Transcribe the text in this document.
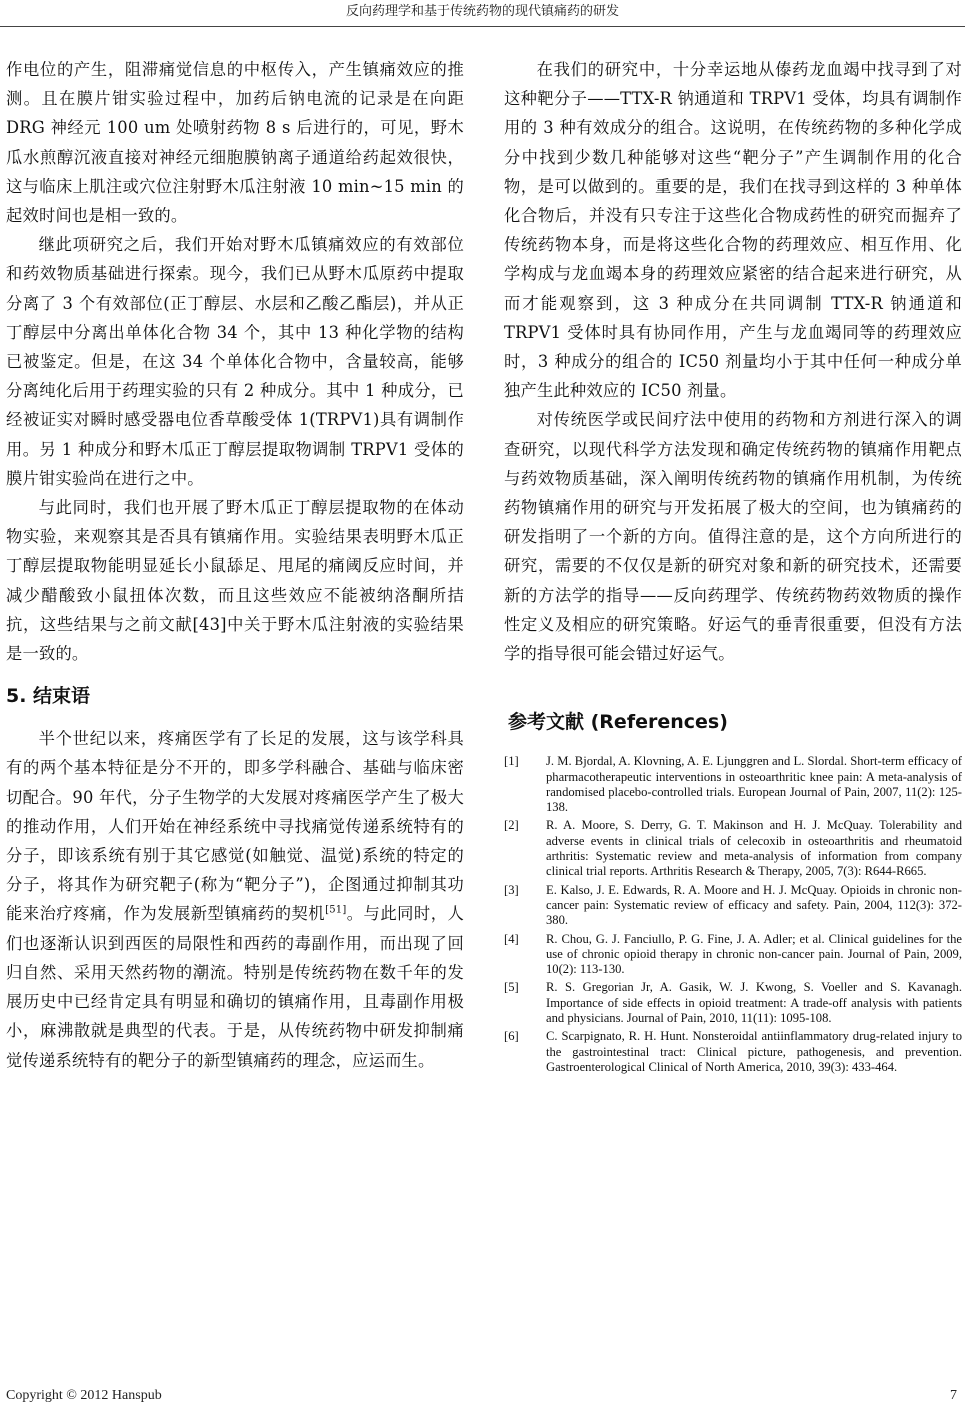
反向药理学和基于传统药物的现代镇痛药的研发

作电位的产生，阻滞痛觉信息的中枢传入，产生镇痛效应的推测。且在膜片钳实验过程中，加药后钠电流的记录是在向距 DRG 神经元 100 um 处喷射药物 8 s 后进行的，可见，野木瓜水煎醇沉液直接对神经元细胞膜钠离子通道给药起效很快，这与临床上肌注或穴位注射野木瓜注射液 10 min~15 min 的起效时间也是相一致的。

继此项研究之后，我们开始对野木瓜镇痛效应的有效部位和药效物质基础进行探索。现今，我们已从野木瓜原药中提取分离了 3 个有效部位(正丁醇层、水层和乙酸乙酯层)，并从正丁醇层中分离出单体化合物 34 个，其中 13 种化学物的结构已被鉴定。但是，在这 34 个单体化合物中，含量较高，能够分离纯化后用于药理实验的只有 2 种成分。其中 1 种成分，已经被证实对瞬时感受器电位香草酸受体 1(TRPV1)具有调制作用。另 1 种成分和野木瓜正丁醇层提取物调制 TRPV1 受体的膜片钳实验尚在进行之中。

与此同时，我们也开展了野木瓜正丁醇层提取物的在体动物实验，来观察其是否具有镇痛作用。实验结果表明野木瓜正丁醇层提取物能明显延长小鼠舔足、甩尾的痛阈反应时间，并减少醋酸致小鼠扭体次数，而且这些效应不能被纳洛酮所拮抗，这些结果与之前文献[43]中关于野木瓜注射液的实验结果是一致的。

5. 结束语

半个世纪以来，疼痛医学有了长足的发展，这与该学科具有的两个基本特征是分不开的，即多学科融合、基础与临床密切配合。90 年代，分子生物学的大发展对疼痛医学产生了极大的推动作用，人们开始在神经系统中寻找痛觉传递系统特有的分子，即该系统有别于其它感觉(如触觉、温觉)系统的特定的分子，将其作为研究靶子(称为“靶分子”)，企图通过抑制其功能来治疗疼痛，作为发展新型镇痛药的契机[51]。与此同时，人们也逐渐认识到西医的局限性和西药的毒副作用，而出现了回归自然、采用天然药物的潮流。特别是传统药物在数千年的发展历史中已经肯定具有明显和确切的镇痛作用，且毒副作用极小，麻沸散就是典型的代表。于是，从传统药物中研发抑制痛觉传递系统特有的靶分子的新型镇痛药的理念，应运而生。

在我们的研究中，十分幸运地从傣药龙血竭中找寻到了对这种靶分子——TTX-R 钠通道和 TRPV1 受体，均具有调制作用的 3 种有效成分的组合。这说明，在传统药物的多种化学成分中找到少数几种能够对这些“靶分子”产生调制作用的化合物，是可以做到的。重要的是，我们在找寻到这样的 3 种单体化合物后，并没有只专注于这些化合物成药性的研究而掘弃了传统药物本身，而是将这些化合物的药理效应、相互作用、化学构成与龙血竭本身的药理效应紧密的结合起来进行研究，从而才能观察到，这 3 种成分在共同调制 TTX-R 钠通道和 TRPV1 受体时具有协同作用，产生与龙血竭同等的药理效应时，3 种成分的组合的 IC50 剂量均小于其中任何一种成分单独产生此种效应的 IC50 剂量。

对传统医学或民间疗法中使用的药物和方剂进行深入的调查研究，以现代科学方法发现和确定传统药物的镇痛作用靶点与药效物质基础，深入阐明传统药物的镇痛作用机制，为传统药物镇痛作用的研究与开发拓展了极大的空间，也为镇痛药的研发指明了一个新的方向。值得注意的是，这个方向所进行的研究，需要的不仅仅是新的研究对象和新的研究技术，还需要新的方法学的指导——反向药理学、传统药物药效物质的操作性定义及相应的研究策略。好运气的垂青很重要，但没有方法学的指导很可能会错过好运气。

参考文献 (References)
[1]	J. M. Bjordal, A. Klovning, A. E. Ljunggren and L. Slordal. Short-term efficacy of pharmacotherapeutic interventions in osteoarthritic knee pain: A meta-analysis of randomised placebo-controlled trials. European Journal of Pain, 2007, 11(2): 125-138.
[2]	R. A. Moore, S. Derry, G. T. Makinson and H. J. McQuay. Tolerability and adverse events in clinical trials of celecoxib in osteoarthritis and rheumatoid arthritis: Systematic review and meta-analysis of information from company clinical trial reports. Arthritis Research & Therapy, 2005, 7(3): R644-R665.
[3]	E. Kalso, J. E. Edwards, R. A. Moore and H. J. McQuay. Opioids in chronic non-cancer pain: Systematic review of efficacy and safety. Pain, 2004, 112(3): 372-380.
[4]	R. Chou, G. J. Fanciullo, P. G. Fine, J. A. Adler; et al. Clinical guidelines for the use of chronic opioid therapy in chronic non-cancer pain. Journal of Pain, 2009, 10(2): 113-130.
[5]	R. S. Gregorian Jr, A. Gasik, W. J. Kwong, S. Voeller and S. Kavanagh. Importance of side effects in opioid treatment: A trade-off analysis with patients and physicians. Journal of Pain, 2010, 11(11): 1095-108.
[6]	C. Scarpignato, R. H. Hunt. Nonsteroidal antiinflammatory drug-related injury to the gastrointestinal tract: Clinical picture, pathogenesis, and prevention. Gastroenterological Clinical of North America, 2010, 39(3): 433-464.
Copyright © 2012 Hanspub	7
